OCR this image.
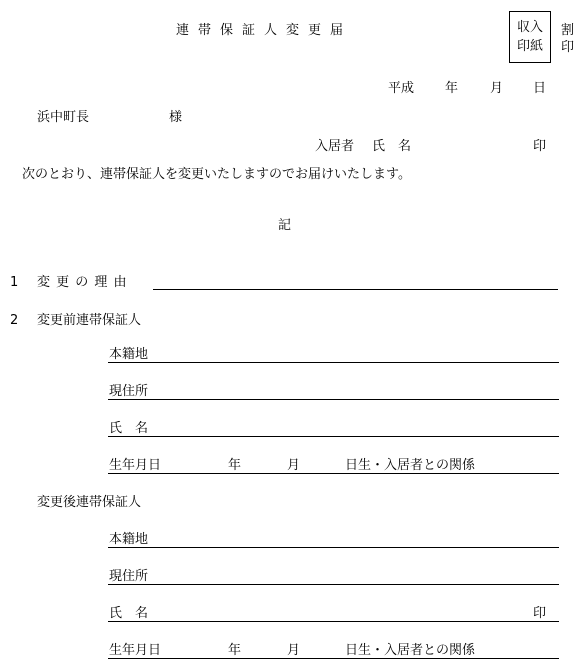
連帯保証人変更届	収入
印紙
割
印
平成 年 月 日
浜中町長	様
入居者 氏　名	印
次のとおり、連帯保証人を変更いたしますのでお届けいたします。
記
1 変 更 の 理 由
2 変更前連帯保証人
本籍地
現住所
氏　名
生年月日	年	月	日生・入居者との関係
変更後連帯保証人
本籍地
現住所
氏　名	印
生年月日	年	月	日生・入居者との関係
